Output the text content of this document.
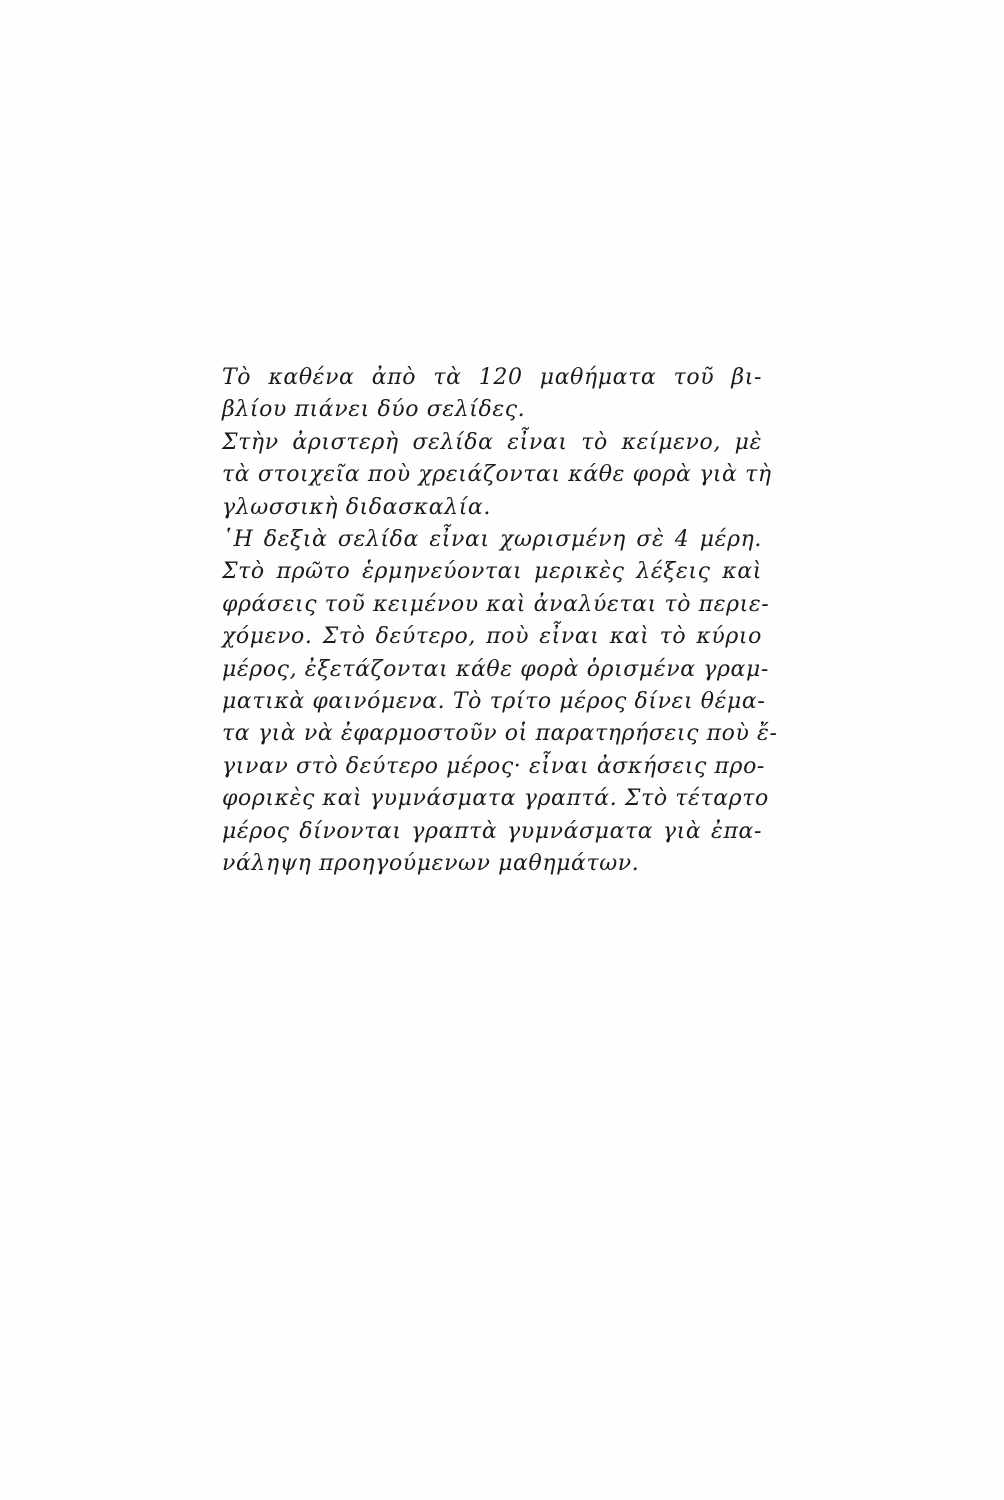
Τὸ καθένα ἀπὸ τὰ 120 μαθήματα τοῦ βι-
βλίου πιάνει δύο σελίδες.
Στὴν ἀριστερὴ σελίδα εἶναι τὸ κείμενο, μὲ
τὰ στοιχεῖα ποὺ χρειάζονται κάθε φορὰ γιὰ τὴ
γλωσσικὴ διδασκαλία.
῾Η δεξιὰ σελίδα εἶναι χωρισμένη σὲ 4 μέρη.
Στὸ πρῶτο ἑρμηνεύονται μερικὲς λέξεις καὶ
φράσεις τοῦ κειμένου καὶ ἀναλύεται τὸ περιε-
χόμενο. Στὸ δεύτερο, ποὺ εἶναι καὶ τὸ κύριο
μέρος, ἐξετάζονται κάθε φορὰ ὁρισμένα γραμ-
ματικὰ φαινόμενα. Τὸ τρίτο μέρος δίνει θέμα-
τα γιὰ νὰ ἐφαρμοστοῦν οἱ παρατηρήσεις ποὺ ἔ-
γιναν στὸ δεύτερο μέρος· εἶναι ἀσκήσεις προ-
φορικὲς καὶ γυμνάσματα γραπτά. Στὸ τέταρτο
μέρος δίνονται γραπτὰ γυμνάσματα γιὰ ἐπα-
νάληψη προηγούμενων μαθημάτων.
